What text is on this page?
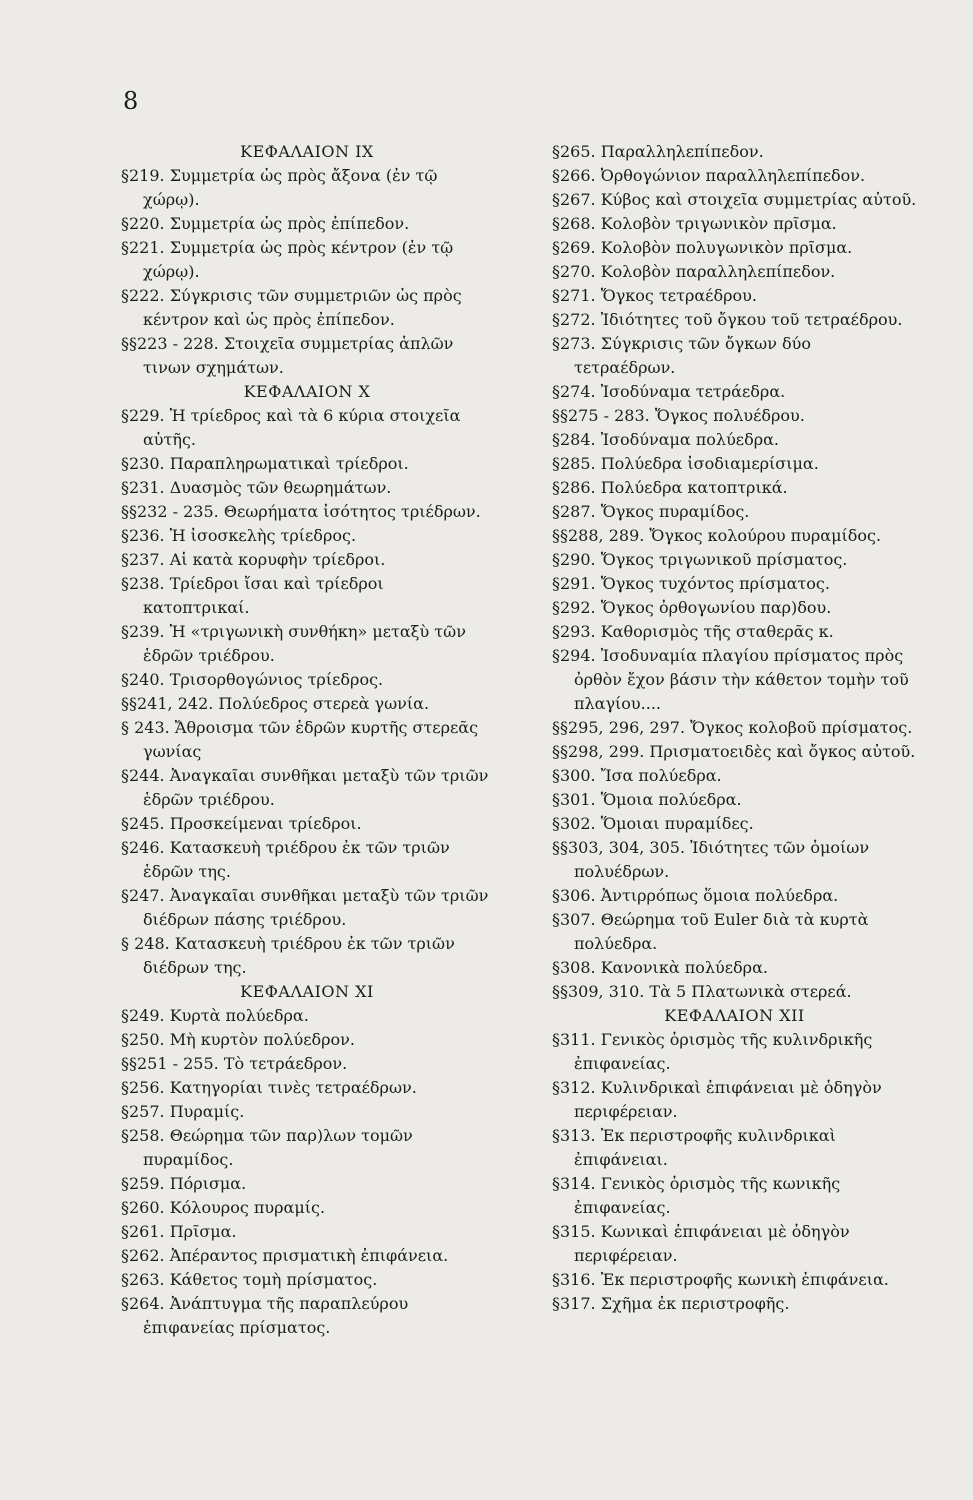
8

ΚΕΦΑΛΑΙΟΝ IX

§219. Συμμετρία ὡς πρὸς ἄξονα (ἐν τῷ χώρῳ).

§220. Συμμετρία ὡς πρὸς ἐπίπεδον.

§221. Συμμετρία ὡς πρὸς κέντρον (ἐν τῷ χώρῳ).

§222. Σύγκρισις τῶν συμμετριῶν ὡς πρὸς κέντρον καὶ ὡς πρὸς ἐπίπεδον.

§§223 - 228. Στοιχεῖα συμμετρίας ἁπλῶν τινων σχημάτων.

ΚΕΦΑΛΑΙΟΝ X

§229. Ἡ τρίεδρος καὶ τὰ 6 κύρια στοιχεῖα αὐτῆς.

§230. Παραπληρωματικαὶ τρίεδροι.

§231. Δυασμὸς τῶν θεωρημάτων.

§§232 - 235. Θεωρήματα ἰσότητος τριέδρων.

§236. Ἡ ἰσοσκελὴς τρίεδρος.

§237. Αἱ κατὰ κορυφὴν τρίεδροι.

§238. Τρίεδροι ἴσαι καὶ τρίεδροι κατοπτρικαί.

§239. Ἡ «τριγωνικὴ συνθήκη» μεταξὺ τῶν ἑδρῶν τριέδρου.

§240. Τρισορθογώνιος τρίεδρος.

§§241, 242. Πολύεδρος στερεὰ γωνία.

§ 243. Ἄθροισμα τῶν ἑδρῶν κυρτῆς στερεᾶς γωνίας

§244. Ἀναγκαῖαι συνθῆκαι μεταξὺ τῶν τριῶν ἑδρῶν τριέδρου.

§245. Προσκείμεναι τρίεδροι.

§246. Κατασκευὴ τριέδρου ἐκ τῶν τριῶν ἑδρῶν της.

§247. Ἀναγκαῖαι συνθῆκαι μεταξὺ τῶν τριῶν διέδρων πάσης τριέδρου.

§ 248. Κατασκευὴ τριέδρου ἐκ τῶν τριῶν διέδρων της.

ΚΕΦΑΛΑΙΟΝ XI

§249. Κυρτὰ πολύεδρα.

§250. Μὴ κυρτὸν πολύεδρον.

§§251 - 255. Τὸ τετράεδρον.

§256. Κατηγορίαι τινὲς τετραέδρων.

§257. Πυραμίς.

§258. Θεώρημα τῶν παρ)λων τομῶν πυραμίδος.

§259. Πόρισμα.

§260. Κόλουρος πυραμίς.

§261. Πρῖσμα.

§262. Ἀπέραντος πρισματικὴ ἐπιφάνεια.

§263. Κάθετος τομὴ πρίσματος.

§264. Ἀνάπτυγμα τῆς παραπλεύρου ἐπιφανείας πρίσματος.

§265. Παραλληλεπίπεδον.

§266. Ὀρθογώνιον παραλληλεπίπεδον.

§267. Κύβος καὶ στοιχεῖα συμμετρίας αὐτοῦ.

§268. Κολοβὸν τριγωνικὸν πρῖσμα.

§269. Κολοβὸν πολυγωνικὸν πρῖσμα.

§270. Κολοβὸν παραλληλεπίπεδον.

§271. Ὄγκος τετραέδρου.

§272. Ἰδιότητες τοῦ ὄγκου τοῦ τετραέδρου.

§273. Σύγκρισις τῶν ὄγκων δύο τετραέδρων.

§274. Ἰσοδύναμα τετράεδρα.

§§275 - 283. Ὄγκος πολυέδρου.

§284. Ἰσοδύναμα πολύεδρα.

§285. Πολύεδρα ἰσοδιαμερίσιμα.

§286. Πολύεδρα κατοπτρικά.

§287. Ὄγκος πυραμίδος.

§§288, 289. Ὄγκος κολούρου πυραμίδος.

§290. Ὄγκος τριγωνικοῦ πρίσματος.

§291. Ὄγκος τυχόντος πρίσματος.

§292. Ὄγκος ὀρθογωνίου παρ)δου.

§293. Καθορισμὸς τῆς σταθερᾶς κ.

§294. Ἰσοδυναμία πλαγίου πρίσματος πρὸς ὀρθὸν ἔχον βάσιν τὴν κάθετον τομὴν τοῦ πλαγίου....

§§295, 296, 297. Ὄγκος κολοβοῦ πρίσματος.

§§298, 299. Πρισματοειδὲς καὶ ὄγκος αὐτοῦ.

§300. Ἴσα πολύεδρα.

§301. Ὅμοια πολύεδρα.

§302. Ὅμοιαι πυραμίδες.

§§303, 304, 305. Ἰδιότητες τῶν ὁμοίων πολυέδρων.

§306. Ἀντιρρόπως ὅμοια πολύεδρα.

§307. Θεώρημα τοῦ Euler διὰ τὰ κυρτὰ πολύεδρα.

§308. Κανονικὰ πολύεδρα.

§§309, 310. Τὰ 5 Πλατωνικὰ στερεά.

ΚΕΦΑΛΑΙΟΝ XII

§311. Γενικὸς ὁρισμὸς τῆς κυλινδρικῆς ἐπιφανείας.

§312. Κυλινδρικαὶ ἐπιφάνειαι μὲ ὁδηγὸν περιφέρειαν.

§313. Ἐκ περιστροφῆς κυλινδρικαὶ ἐπιφάνειαι.

§314. Γενικὸς ὁρισμὸς τῆς κωνικῆς ἐπιφανείας.

§315. Κωνικαὶ ἐπιφάνειαι μὲ ὁδηγὸν περιφέρειαν.

§316. Ἐκ περιστροφῆς κωνικὴ ἐπιφάνεια.

§317. Σχῆμα ἐκ περιστροφῆς.
